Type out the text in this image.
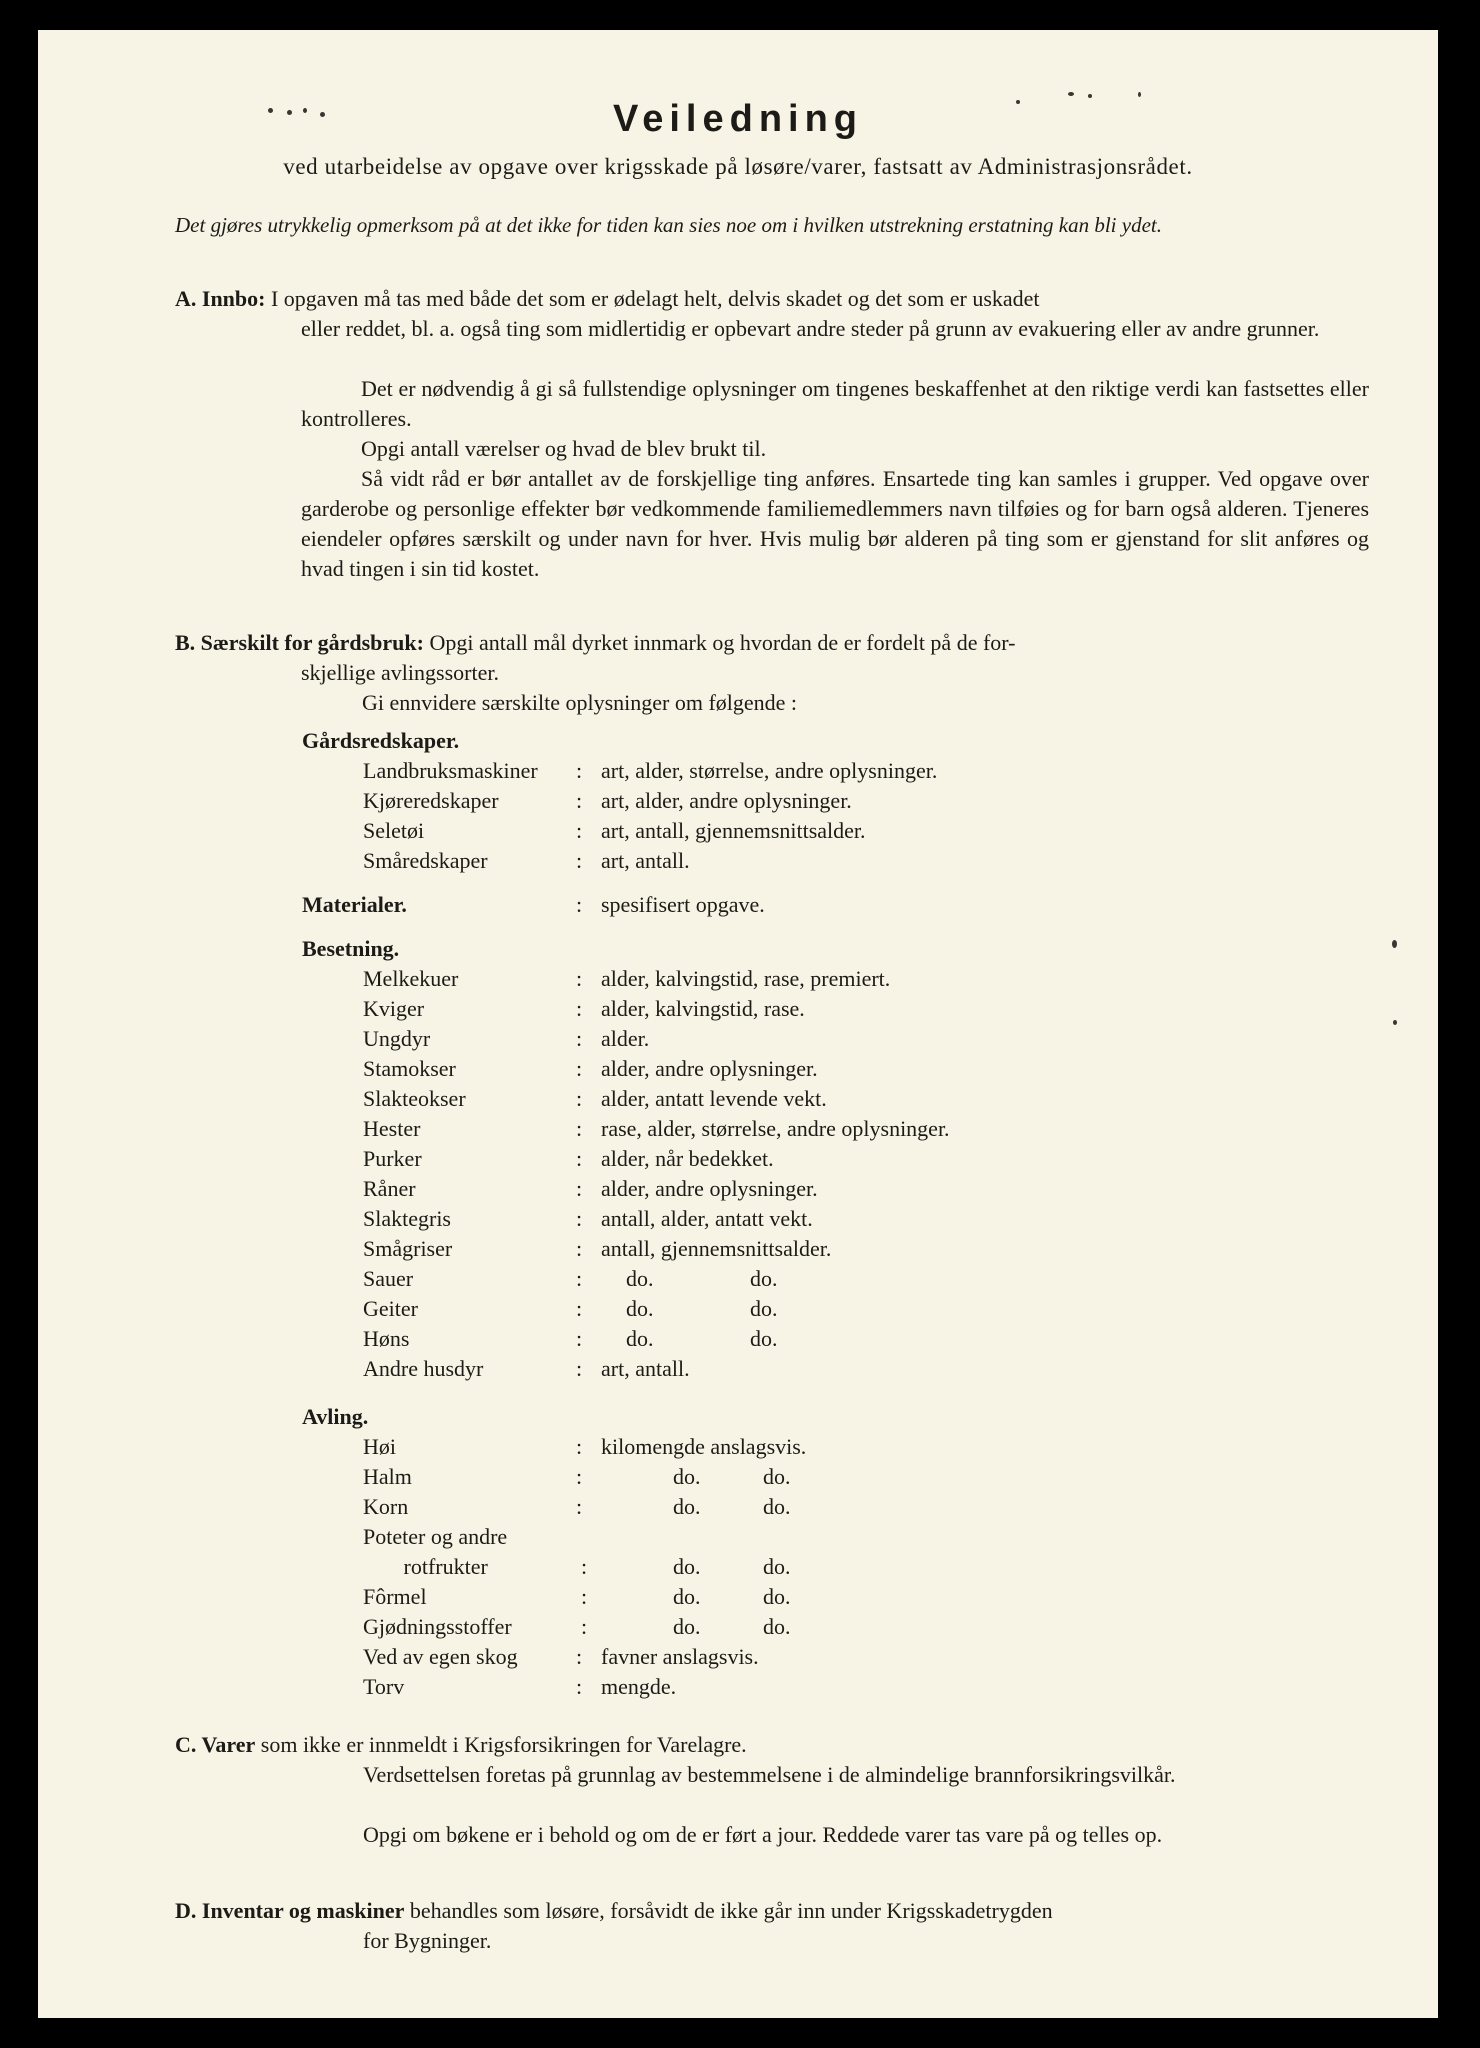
Veiledning
ved utarbeidelse av opgave over krigsskade på løsøre/varer, fastsatt av Administrasjonsrådet.
Det gjøres utrykkelig opmerksom på at det ikke for tiden kan sies noe om i hvilken utstrekning erstatning kan bli ydet.
A. Innbo: I opgaven må tas med både det som er ødelagt helt, delvis skadet og det som er uskadet
eller reddet, bl. a. også ting som midlertidig er opbevart andre steder på grunn av evakuering eller av andre grunner.
Det er nødvendig å gi så fullstendige oplysninger om tingenes beskaffenhet at den riktige verdi kan fastsettes eller kontrolleres.
Opgi antall værelser og hvad de blev brukt til.
Så vidt råd er bør antallet av de forskjellige ting anføres. Ensartede ting kan samles i grupper. Ved opgave over garderobe og personlige effekter bør vedkommende familiemedlemmers navn tilføies og for barn også alderen. Tjeneres eiendeler opføres særskilt og under navn for hver. Hvis mulig bør alderen på ting som er gjenstand for slit anføres og hvad tingen i sin tid kostet.
B. Særskilt for gårdsbruk: Opgi antall mål dyrket innmark og hvordan de er fordelt på de for-
skjellige avlingssorter.
Gi ennvidere særskilte oplysninger om følgende :
Gårdsredskaper.
Landbruksmaskiner : art, alder, størrelse, andre oplysninger.
Kjøreredskaper	: art, alder, andre oplysninger.
Seletøi	: art, antall, gjennemsnittsalder.
Småredskaper	: art, antall.
Materialer.	: spesifisert opgave.
Besetning.
Melkekuer	: alder, kalvingstid, rase, premiert.
Kviger	: alder, kalvingstid, rase.
Ungdyr	: alder.
Stamokser	: alder, andre oplysninger.
Slakteokser	: alder, antatt levende vekt.
Hester	: rase, alder, størrelse, andre oplysninger.
Purker	: alder, når bedekket.
Råner	: alder, andre oplysninger.
Slaktegris	: antall, alder, antatt vekt.
Smågriser	: antall, gjennemsnittsalder.
Sauer	: do.	do.
Geiter	: do.	do.
Høns	: do.	do.
Andre husdyr	: art, antall.
Avling.
Høi	: kilomengde anslagsvis.
Halm	:	do.	do.
Korn	:	do.	do.
Poteter og andre
rotfrukter	: do.	do.
Fôrmel	: do.	do.
Gjødningsstoffer	: do.	do.
Ved av egen skog	: favner anslagsvis.
Torv	: mengde.
C. Varer som ikke er innmeldt i Krigsforsikringen for Varelagre.
Verdsettelsen foretas på grunnlag av bestemmelsene i de almindelige brannforsikringsvilkår.
Opgi om bøkene er i behold og om de er ført a jour. Reddede varer tas vare på og telles op.
D. Inventar og maskiner behandles som løsøre, forsåvidt de ikke går inn under Krigsskadetrygden
for Bygninger.
